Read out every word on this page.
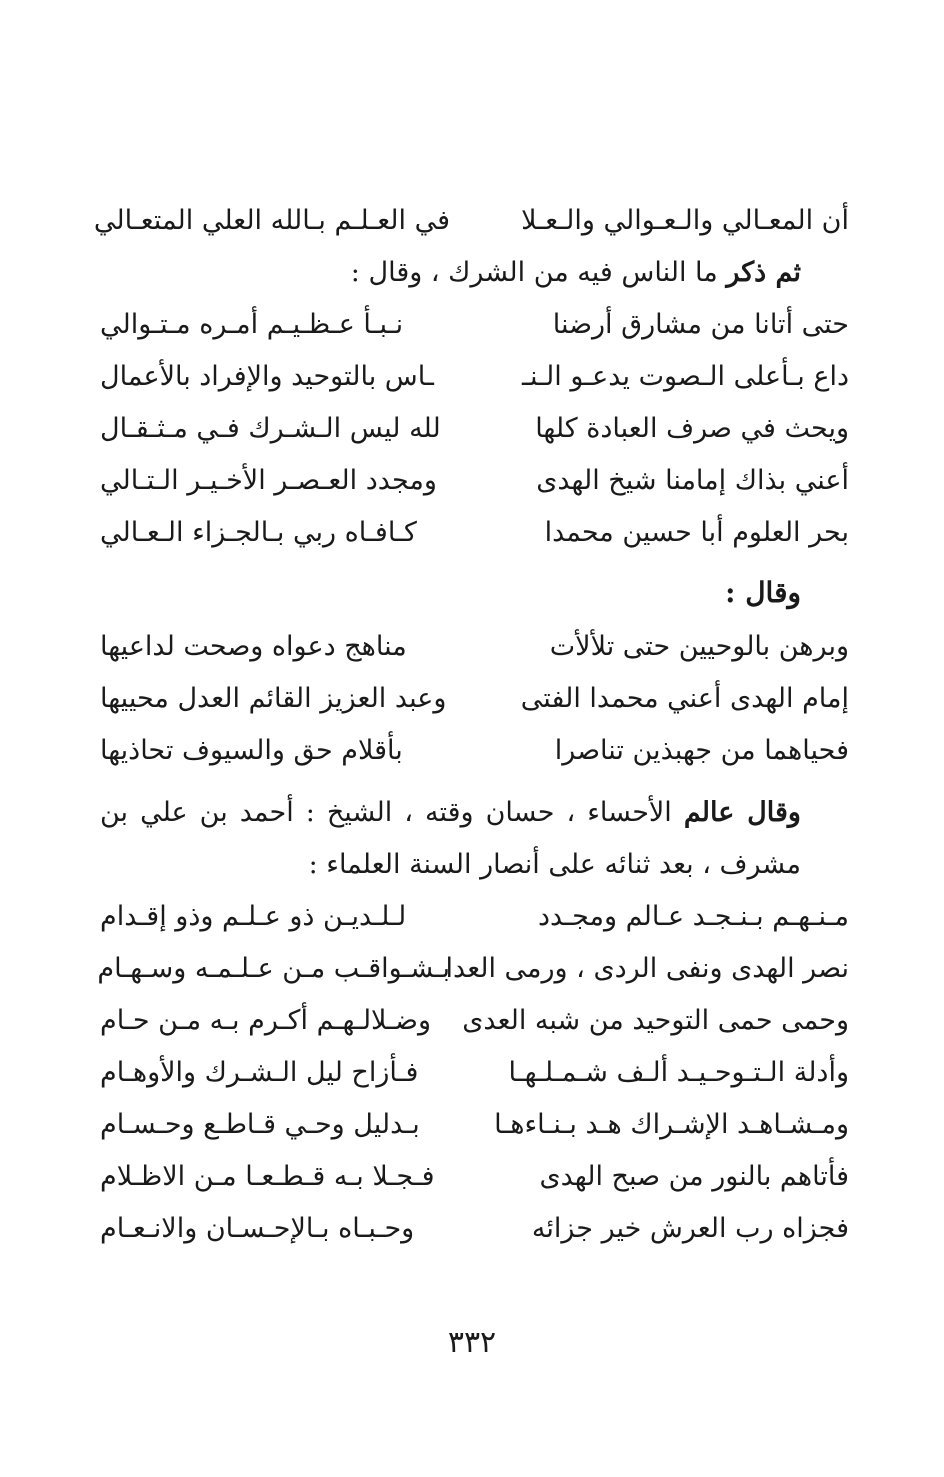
أن المعـالي والـعـوالي والـعـلا
في العـلـم بـالله العلي المتعـالي
ثم ذكر ما الناس فيه من الشرك ، وقال :
حتى أتانا من مشارق أرضنا
نـبـأ عـظـيـم أمـره مـتـوالي
داع بـأعلى الـصوت يدعـو الـنـ
ـاس بالتوحيد والإفراد بالأعمال
ويحث في صرف العبادة كلها
لله ليس الـشـرك فـي مـثـقـال
أعني بذاك إمامنا شيخ الهدى
ومجدد العـصـر الأخـيـر الـتـالي
بحر العلوم أبا حسين محمدا
كـافـاه ربي بـالجـزاء الـعـالي
وقال :
وبرهن بالوحيين حتى تلألأت
مناهج دعواه وصحت لداعيها
إمام الهدى أعني محمدا الفتى
وعبد العزيز القائم العدل محييها
فحياهما من جهبذين تناصرا
بأقلام حق والسيوف تحاذيها
وقال عالم الأحساء ، حسان وقته ، الشيخ : أحمد بن علي بن مشرف ، بعد ثنائه على أنصار السنة العلماء :
مـنـهـم بـنـجـد عـالم ومجـدد
لـلـديـن ذو عـلـم وذو إقـدام
نصر الهدى ونفى الردى ، ورمى العدا
بـشـواقـب مـن عـلـمـه وسـهـام
وحمى حمى التوحيد من شبه العدى
وضـلالـهـم أكـرم بـه مـن حـام
وأدلة الـتـوحـيـد ألـف شـمـلـهـا
فـأزاح ليل الـشـرك والأوهـام
ومـشـاهـد الإشـراك هـد بـنـاءهـا
بـدليل وحـي قـاطـع وحـسـام
فأتاهم بالنور من صبح الهدى
فـجـلا بـه قـطـعـا مـن الاظـلام
فجزاه رب العرش خير جزائه
وحـبـاه بـالإحـسـان والانـعـام
٣٣٢
